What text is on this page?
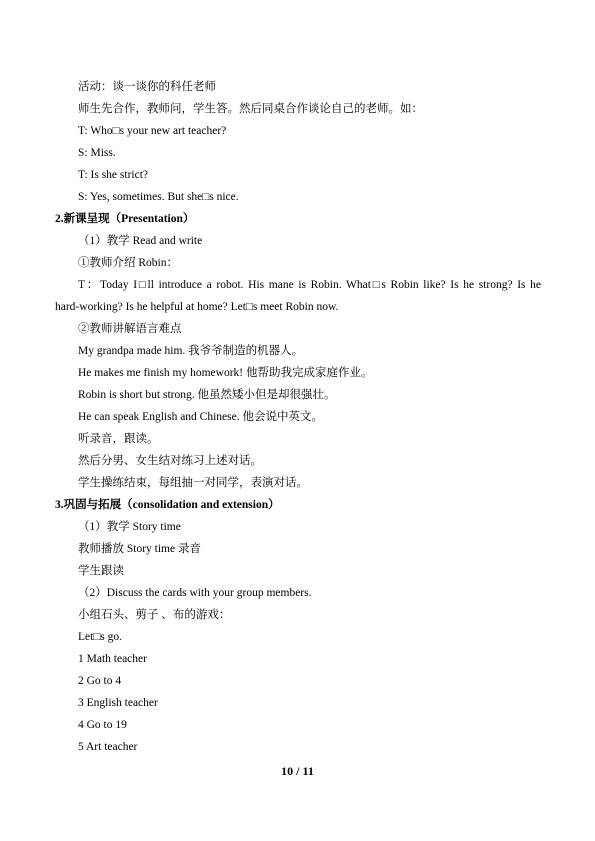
活动：谈一谈你的科任老师
师生先合作，教师问，学生答。然后同桌合作谈论自己的老师。如：
T: Who□s your new art teacher?
S: Miss.
T: Is she strict?
S: Yes, sometimes. But she□s nice.
2.新课呈现（Presentation）
（1）教学 Read and write
①教师介绍 Robin：
T：Today I□ll introduce a robot. His mane is Robin. What□s Robin like? Is he strong? Is he
hard-working? Is he helpful at home? Let□s meet Robin now.
②教师讲解语言难点
My grandpa made him. 我爷爷制造的机器人。
He makes me finish my homework! 他帮助我完成家庭作业。
Robin is short but strong. 他虽然矮小但是却很强壮。
He can speak English and Chinese. 他会说中英文。
听录音，跟读。
然后分男、女生结对练习上述对话。
学生操练结束，每组抽一对同学，表演对话。
3.巩固与拓展（consolidation and extension）
（1）教学 Story time
教师播放 Story time 录音
学生跟读
（2）Discuss the cards with your group members.
小组石头、剪子 、布的游戏：
Let□s go.
1 Math teacher
2 Go to 4
3 English teacher
4 Go to 19
5 Art teacher
10 / 11
